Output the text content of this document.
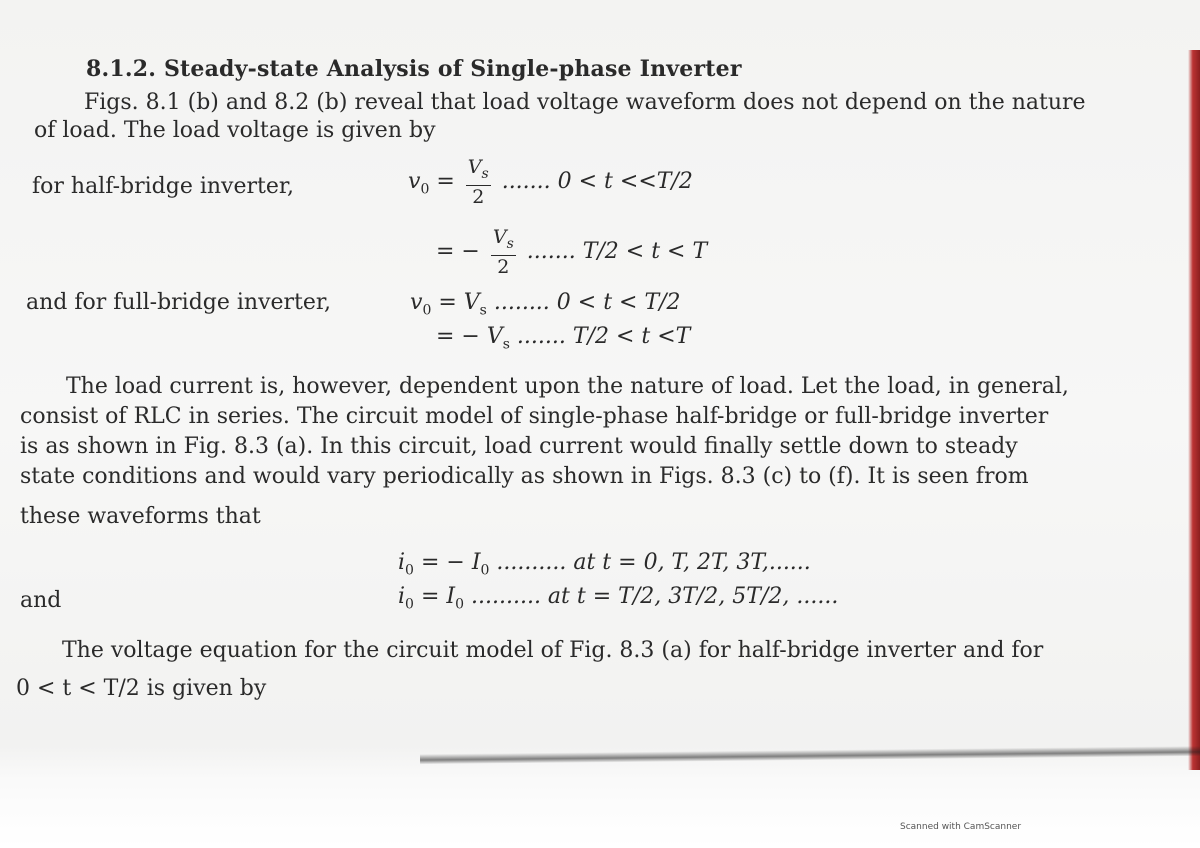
8.1.2. Steady-state Analysis of Single-phase Inverter
Figs. 8.1 (b) and 8.2 (b) reveal that load voltage waveform does not depend on the nature
of load. The load voltage is given by
for half-bridge inverter,	$v_0 = \frac{V_s}{2}$ ....... 0 < t <<T/2
= − $\frac{V_s}{2}$ ....... T/2 < t < T
and for full-bridge inverter,	$v_0 = V_s$ ........ 0 < t < T/2
= − $V_s$ ....... T/2 < t <T
The load current is, however, dependent upon the nature of load. Let the load, in general,
consist of RLC in series. The circuit model of single-phase half-bridge or full-bridge inverter
is as shown in Fig. 8.3 (a). In this circuit, load current would finally settle down to steady
state conditions and would vary periodically as shown in Figs. 8.3 (c) to (f). It is seen from
these waveforms that
$i_0$ = − $I_0$ .......... at t = 0, T, 2T, 3T,......
and	$i_0 = I_0$ .......... at t = T/2, 3T/2, 5T/2, ......
The voltage equation for the circuit model of Fig. 8.3 (a) for half-bridge inverter and for
0 < t < T/2 is given by
Scanned with CamScanner
